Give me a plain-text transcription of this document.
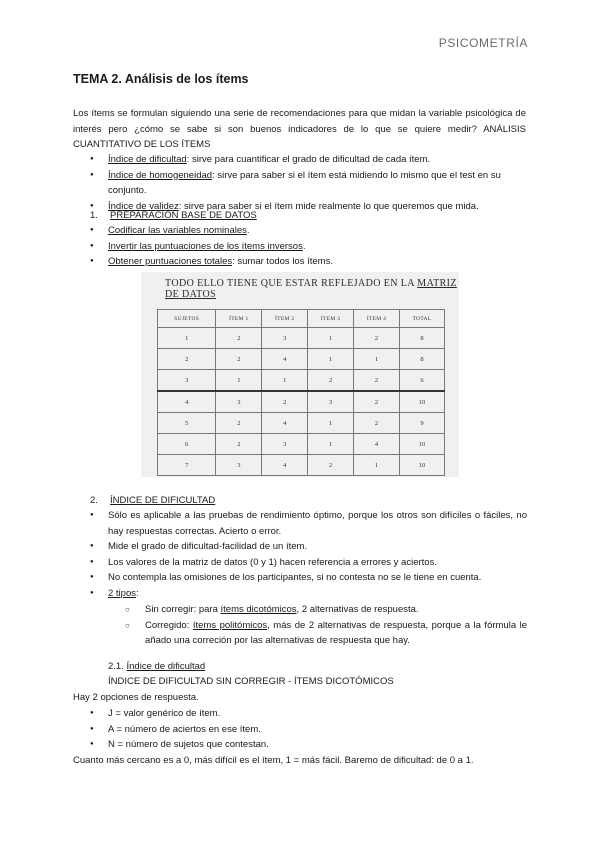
PSICOMETRÍA
TEMA 2. Análisis de los ítems
Los ítems se formulan siguiendo una serie de recomendaciones para que midan la variable psicológica de interés pero ¿cómo se sabe si son buenos indicadores de lo que se quiere medir? ANÁLISIS CUANTITATIVO DE LOS ÍTEMS
● Índice de dificultad: sirve para cuantificar el grado de dificultad de cada ítem.
● Índice de homogeneidad: sirve para saber si el ítem está midiendo lo mismo que el test en su conjunto.
● Índice de validez: sirve para saber si el ítem mide realmente lo que queremos que mida.
1. PREPARACIÓN BASE DE DATOS
● Codificar las variables nominales.
● Invertir las puntuaciones de los ítems inversos.
● Obtener puntuaciones totales: sumar todos los ítems.
TODO ELLO TIENE QUE ESTAR REFLEJADO EN LA MATRIZ DE DATOS
SUJETOS	ÍTEM 1	ÍTEM 2	ÍTEM 3	ÍTEM 4	TOTAL
1	2	3	1	2	8
2	2	4	1	1	8
3	1	1	2	2	6
4	3	2	3	2	10
5	2	4	1	2	9
6	2	3	1	4	10
7	3	4	2	1	10
2. ÍNDICE DE DIFICULTAD
● Sólo es aplicable a las pruebas de rendimiento óptimo, porque los otros son difíciles o fáciles, no hay respuestas correctas. Acierto o error.
● Mide el grado de dificultad-facilidad de un ítem.
● Los valores de la matriz de datos (0 y 1) hacen referencia a errores y aciertos.
● No contempla las omisiones de los participantes, si no contesta no se le tiene en cuenta.
● 2 tipos:
○ Sin corregir: para ítems dicotómicos, 2 alternativas de respuesta.
○ Corregido: ítems politómicos, más de 2 alternativas de respuesta, porque a la fórmula le añado una correción por las alternativas de respuesta que hay.
2.1. Índice de dificultad
ÍNDICE DE DIFICULTAD SIN CORREGIR - ÍTEMS DICOTÓMICOS
Hay 2 opciones de respuesta.
● J = valor genérico de ítem.
● A = número de aciertos en ese ítem.
● N = número de sujetos que contestan.
Cuanto más cercano es a 0, más difícil es el ítem, 1 = más fácil. Baremo de dificultad: de 0 a 1.
